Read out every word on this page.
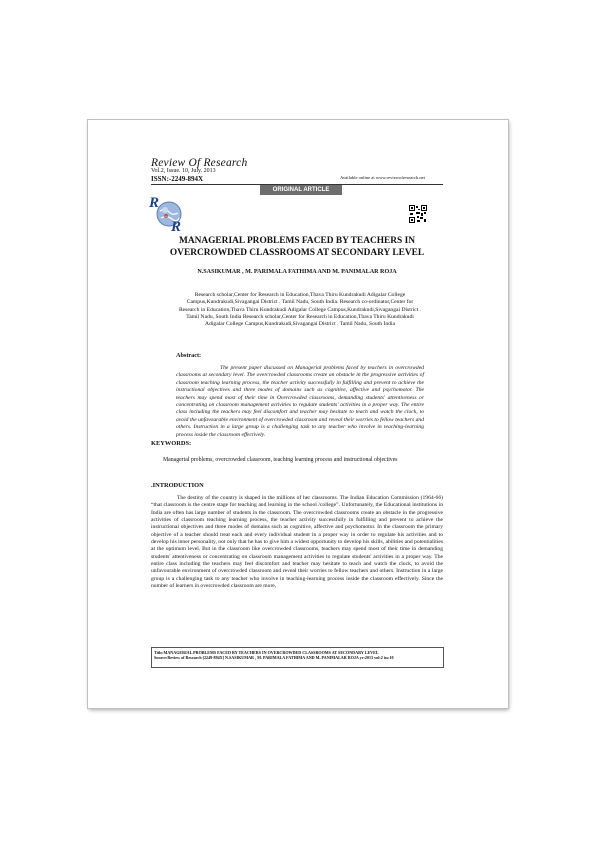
Review Of Research
Vol.2, Issue. 10, July. 2013
ISSN:-2249-894X	Available online at www.reviewofresearch.net
ORIGINAL ARTICLE
R
R
o
MANAGERIAL PROBLEMS FACED BY TEACHERS IN
OVERCROWDED CLASSROOMS AT SECONDARY LEVEL
N.SASIKUMAR , M. PARIMALA FATHIMA AND M. PANIMALAR ROJA
Research scholar,Center for Research in Education,Thava Thiru Kundrakudi Adigalar College Campus,Kundrakudi,Sivagangai District . Tamil Nadu, South India. Research co-ordinator,Center for Research in Education,Thava Thiru Kundrakudi Adigalar College Campus,Kundrakudi,Sivagangai District . Tamil Nadu, South India Research scholar,Center for Research in Education,Thava Thiru Kundrakudi Adigalar College Campus,Kundrakudi,Sivagangai District . Tamil Nadu, South India
Abstract:
The present paper discussed on Managerial problems faced by teachers in overcrowded classrooms at secondary level. The overcrowded classrooms create an obstacle in the progressive activities of classroom teaching learning process, the teacher activity successfully in fulfilling and prevent to achieve the instructional objectives and three modes of domains such as cognitive, affective and psychomotor. The teachers may spend most of their time in Overcrowded classrooms, demanding students' attentiveness or concentrating on classroom management activities to regulate students' activities in a proper way. The entire class including the teachers may feel discomfort and teacher may hesitate to teach and watch the clock, to avoid the unfavourable environment of overcrowded classroom and reveal their worries to fellow teachers and others. Instruction in a large group is a challenging task to any teacher who involve in teaching-learning process inside the classroom effectively.
KEYWORDS:
Managerial problems, overcrowded classroom, teaching learning process and instructional objectives
.INTRODUCTION
The destiny of the country is shaped in the millions of her classrooms. The Indian Education Commission (1964-66) “that classroom is the centre stage for teaching and learning in the school /college”. Unfortunately, the Educational institutions in India are often has large number of students in the classroom. The overcrowded classrooms create an obstacle in the progressive activities of classroom teaching learning process, the teacher activity successfully in fulfilling and prevent to achieve the instructional objectives and three modes of domains such as cognitive, affective and psychomotor. In the classroom the primary objective of a teacher should treat each and every individual student in a proper way in order to regulate his activities and to develop his inner personality, not only that he has to give him a widest opportunity to develop his skills, abilities and potentialities at the optimum level. But in the classroom like overcrowded classrooms, teachers may spend most of their time in demanding students' attentiveness or concentrating on classroom management activities to regulate students' activities in a proper way. The entire class including the teachers may feel discomfort and teacher may hesitate to teach and watch the clock, to avoid the unfavourable environment of overcrowded classroom and reveal their worries to fellow teachers and others. Instruction in a large group is a challenging task to any teacher who involve in teaching-learning process inside the classroom effectively. Since the number of learners in overcrowded classroom are more,
Title:MANAGERIAL PROBLEMS FACED BY TEACHERS IN OVERCROWDED CLASSROOMS AT SECONDARY LEVEL
Source:Review of Research [2249-894X] N.SASIKUMAR , M. PARIMALA FATHIMA AND M. PANIMALAR ROJA yr:2013 vol:2 iss:10
